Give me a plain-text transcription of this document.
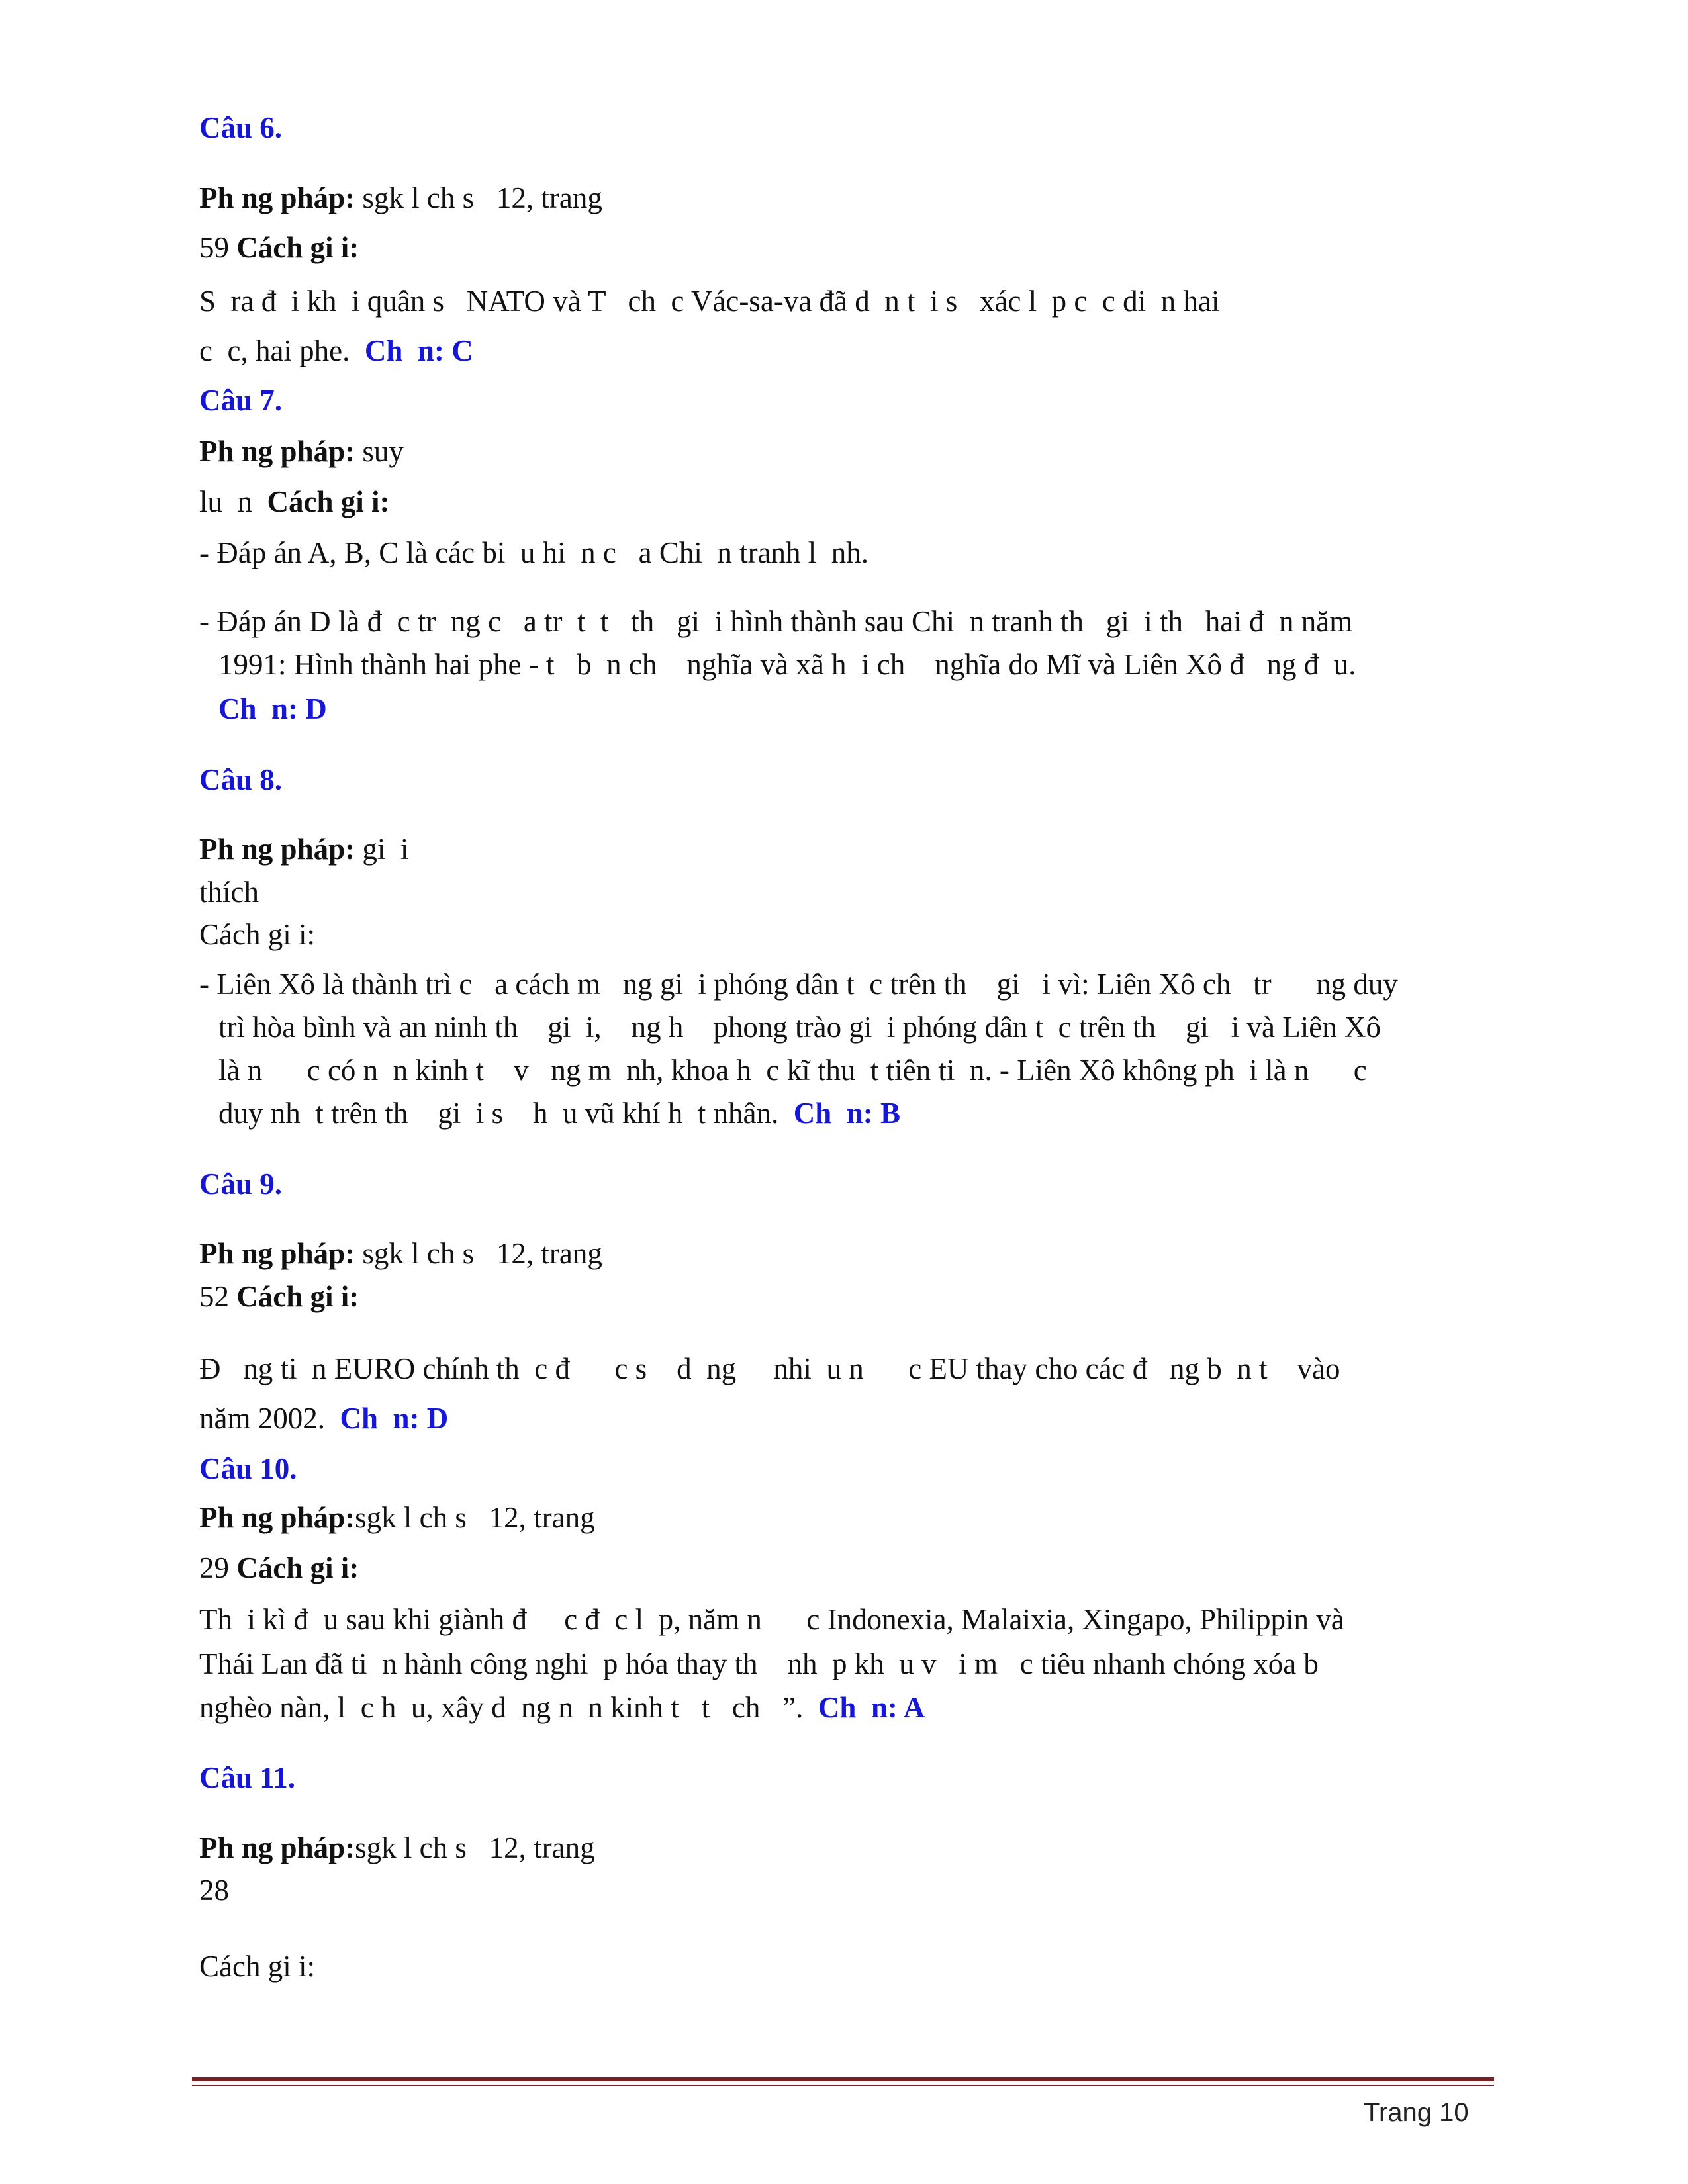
Câu 6.

Ph ng pháp: sgk l ch s   12, trang

59 Cách gi i:

S  ra đ  i kh  i quân s   NATO và T   ch  c Vác-sa-va đã d  n t  i s   xác l  p c  c di  n hai

c  c, hai phe.  Ch  n: C

Câu 7.

Ph ng pháp: suy

lu  n  Cách gi i:

- Đáp án A, B, C là các bi  u hi  n c   a Chi  n tranh l  nh.

- Đáp án D là đ  c tr  ng c   a tr  t  t   th   gi  i hình thành sau Chi  n tranh th   gi  i th   hai đ  n năm

1991: Hình thành hai phe - t   b  n ch    nghĩa và xã h  i ch    nghĩa do Mĩ và Liên Xô đ   ng đ  u.

Ch  n: D

Câu 8.

Ph ng pháp: gi  i

thích

Cách gi i:

- Liên Xô là thành trì c   a cách m   ng gi  i phóng dân t  c trên th    gi   i vì: Liên Xô ch   tr      ng duy

trì hòa bình và an ninh th    gi  i,    ng h    phong trào gi  i phóng dân t  c trên th    gi   i và Liên Xô

là n      c có n  n kinh t    v   ng m  nh, khoa h  c kĩ thu  t tiên ti  n. - Liên Xô không ph  i là n      c

duy nh  t trên th    gi  i s    h  u vũ khí h  t nhân.  Ch  n: B

Câu 9.

Ph ng pháp: sgk l ch s   12, trang

52 Cách gi i:

Đ   ng ti  n EURO chính th  c đ      c s    d  ng     nhi  u n      c EU thay cho các đ   ng b  n t    vào

năm 2002.  Ch  n: D

Câu 10.

Ph ng pháp:sgk l ch s   12, trang

29 Cách gi i:

Th  i kì đ  u sau khi giành đ     c đ  c l  p, năm n      c Indonexia, Malaixia, Xingapo, Philippin và

Thái Lan đã ti  n hành công nghi  p hóa thay th    nh  p kh  u v   i m   c tiêu nhanh chóng xóa b

nghèo nàn, l  c h  u, xây d  ng n  n kinh t   t   ch   ”.  Ch  n: A

Câu 11.

Ph ng pháp:sgk l ch s   12, trang

28

Cách gi i:

Trang 10
